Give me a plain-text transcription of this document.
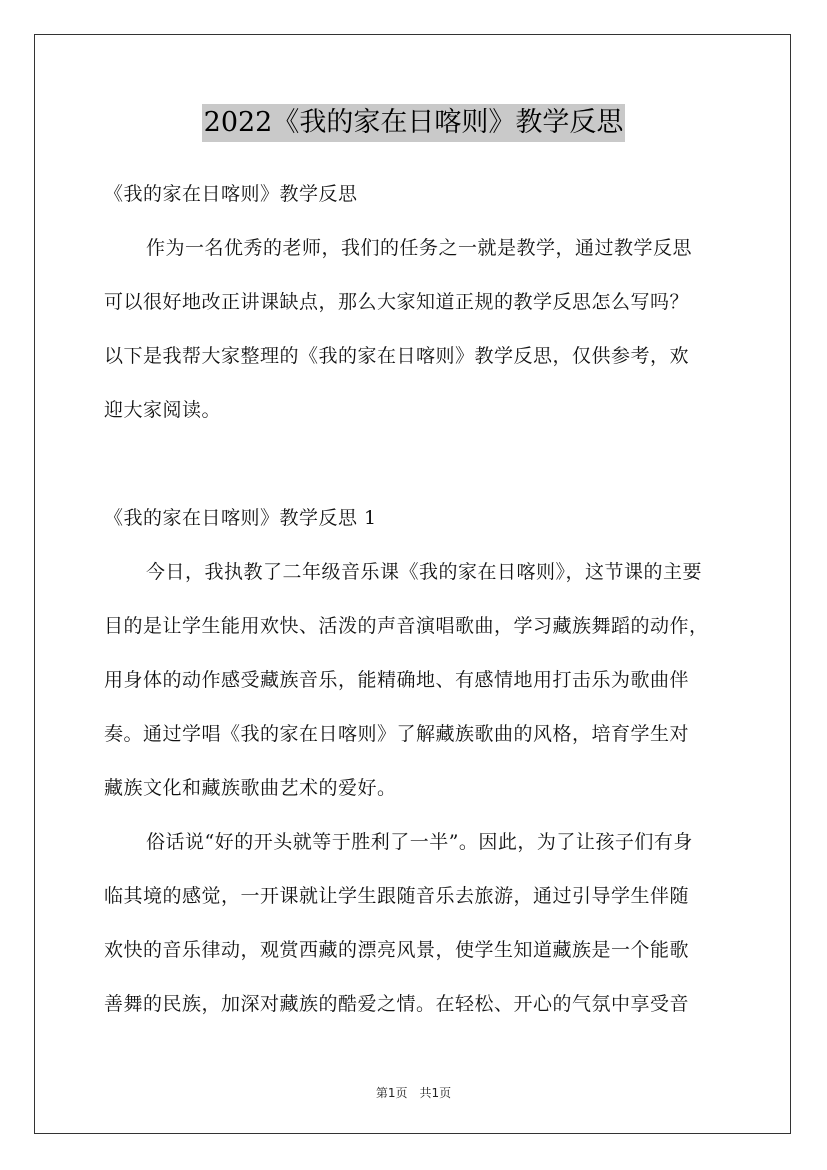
2022《我的家在日喀则》教学反思
《我的家在日喀则》教学反思
作为一名优秀的老师，我们的任务之一就是教学，通过教学反思
可以很好地改正讲课缺点，那么大家知道正规的教学反思怎么写吗？
以下是我帮大家整理的《我的家在日喀则》教学反思，仅供参考，欢
迎大家阅读。
《我的家在日喀则》教学反思 1
今日，我执教了二年级音乐课《我的家在日喀则》，这节课的主要
目的是让学生能用欢快、活泼的声音演唱歌曲，学习藏族舞蹈的动作，
用身体的动作感受藏族音乐，能精确地、有感情地用打击乐为歌曲伴
奏。通过学唱《我的家在日喀则》了解藏族歌曲的风格，培育学生对
藏族文化和藏族歌曲艺术的爱好。
俗话说“好的开头就等于胜利了一半”。因此，为了让孩子们有身
临其境的感觉，一开课就让学生跟随音乐去旅游，通过引导学生伴随
欢快的音乐律动，观赏西藏的漂亮风景，使学生知道藏族是一个能歌
善舞的民族，加深对藏族的酷爱之情。在轻松、开心的气氛中享受音
第1页　共1页
